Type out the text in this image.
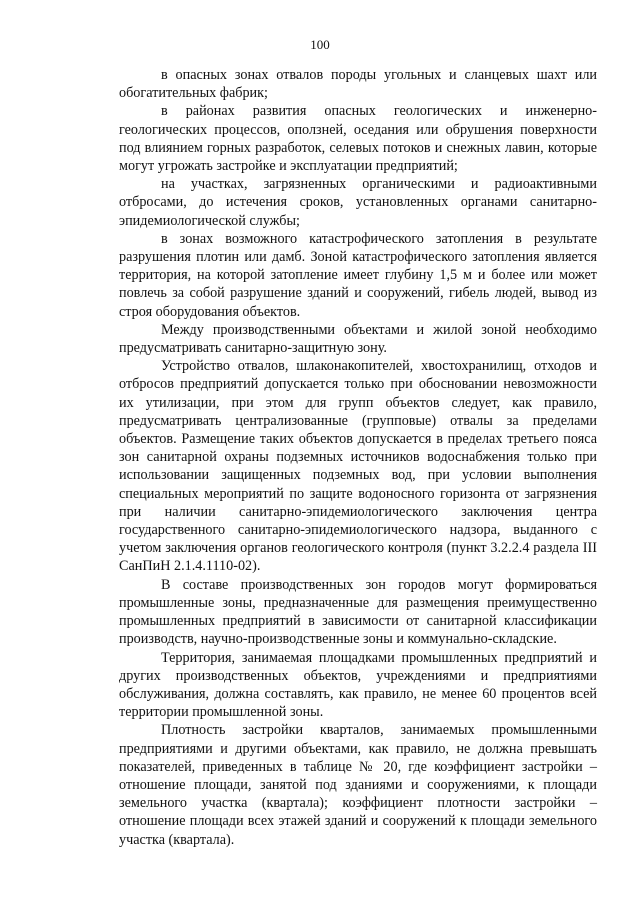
100

в опасных зонах отвалов породы угольных и сланцевых шахт или обогатительных фабрик;

в районах развития опасных геологических и инженерно-геологических процессов, оползней, оседания или обрушения поверхности под влиянием горных разработок, селевых потоков и снежных лавин, которые могут угрожать застройке и эксплуатации предприятий;

на участках, загрязненных органическими и радиоактивными отбросами, до истечения сроков, установленных органами санитарно-эпидемиологической службы;

в зонах возможного катастрофического затопления в результате разрушения плотин или дамб. Зоной катастрофического затопления является территория, на которой затопление имеет глубину 1,5 м и более или может повлечь за собой разрушение зданий и сооружений, гибель людей, вывод из строя оборудования объектов.

Между производственными объектами и жилой зоной необходимо предусматривать санитарно-защитную зону.

Устройство отвалов, шлаконакопителей, хвостохранилищ, отходов и отбросов предприятий допускается только при обосновании невозможности их утилизации, при этом для групп объектов следует, как правило, предусматривать централизованные (групповые) отвалы за пределами объектов. Размещение таких объектов допускается в пределах третьего пояса зон санитарной охраны подземных источников водоснабжения только при использовании защищенных подземных вод, при условии выполнения специальных мероприятий по защите водоносного горизонта от загрязнения при наличии санитарно-эпидемиологического заключения центра государственного санитарно-эпидемиологического надзора, выданного с учетом заключения органов геологического контроля (пункт 3.2.2.4 раздела III СанПиН 2.1.4.1110-02).

В составе производственных зон городов могут формироваться промышленные зоны, предназначенные для размещения преимущественно промышленных предприятий в зависимости от санитарной классификации производств, научно-производственные зоны и коммунально-складские.

Территория, занимаемая площадками промышленных предприятий и других производственных объектов, учреждениями и предприятиями обслуживания, должна составлять, как правило, не менее 60 процентов всей территории промышленной зоны.

Плотность застройки кварталов, занимаемых промышленными предприятиями и другими объектами, как правило, не должна превышать показателей, приведенных в таблице № 20, где коэффициент застройки – отношение площади, занятой под зданиями и сооружениями, к площади земельного участка (квартала); коэффициент плотности застройки – отношение площади всех этажей зданий и сооружений к площади земельного участка (квартала).
